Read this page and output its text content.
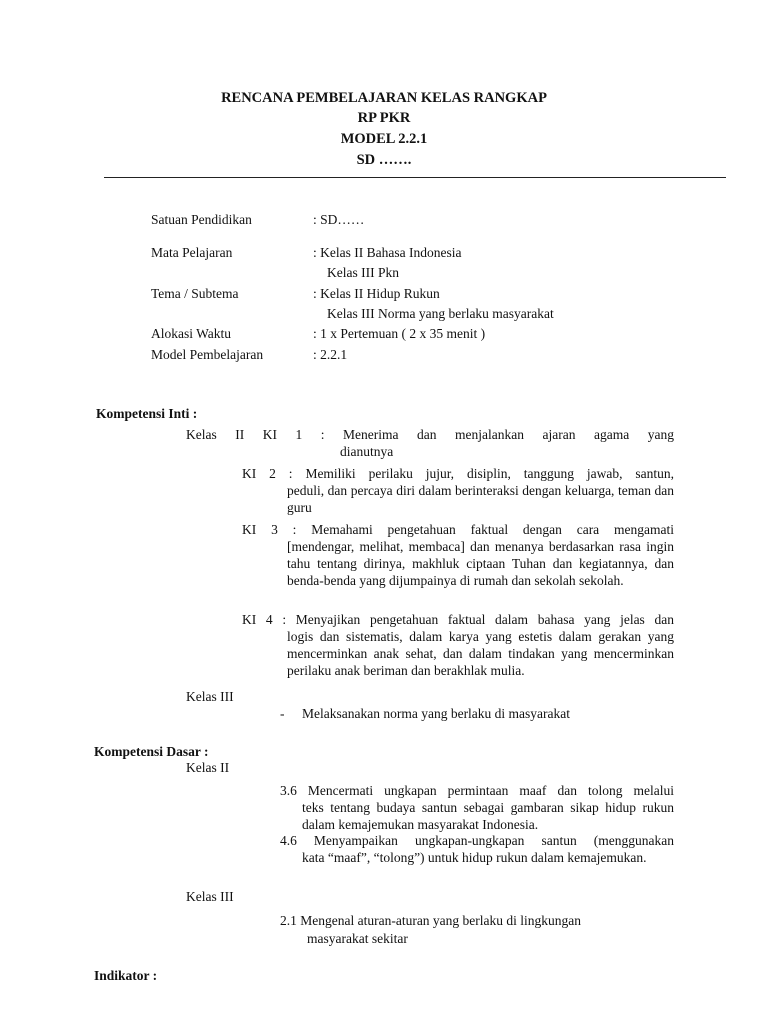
RENCANA PEMBELAJARAN KELAS RANGKAP
RP PKR
MODEL 2.2.1
SD …….
Satuan Pendidikan	: SD……
Mata Pelajaran	: Kelas II Bahasa Indonesia
Kelas III Pkn
Tema / Subtema	: Kelas II Hidup Rukun
Kelas III Norma yang berlaku masyarakat
Alokasi Waktu	: 1 x Pertemuan ( 2 x 35 menit )
Model Pembelajaran	: 2.2.1
Kompetensi Inti :
Kelas II KI 1 : Menerima dan menjalankan ajaran agama yang
dianutnya
KI 2 : Memiliki perilaku jujur, disiplin, tanggung jawab, santun,
peduli, dan percaya diri dalam berinteraksi dengan keluarga, teman dan guru
KI 3 : Memahami pengetahuan faktual dengan cara mengamati
[mendengar, melihat, membaca] dan menanya berdasarkan rasa ingin tahu tentang dirinya, makhluk ciptaan Tuhan dan kegiatannya, dan benda-benda yang dijumpainya di rumah dan sekolah sekolah.
KI 4 : Menyajikan pengetahuan faktual dalam bahasa yang jelas dan
logis dan sistematis, dalam karya yang estetis dalam gerakan yang mencerminkan anak sehat, dan dalam tindakan yang mencerminkan perilaku anak beriman dan berakhlak mulia.
Kelas III
- Melaksanakan norma yang berlaku di masyarakat
Kompetensi Dasar :
Kelas II
3.6 Mencermati ungkapan permintaan maaf dan tolong melalui
teks tentang budaya santun sebagai gambaran sikap hidup rukun dalam kemajemukan masyarakat Indonesia.
4.6 Menyampaikan ungkapan-ungkapan santun (menggunakan
kata “maaf”, “tolong”) untuk hidup rukun dalam kemajemukan.
Kelas III
2.1 Mengenal aturan-aturan yang berlaku di lingkungan
masyarakat sekitar
Indikator :
